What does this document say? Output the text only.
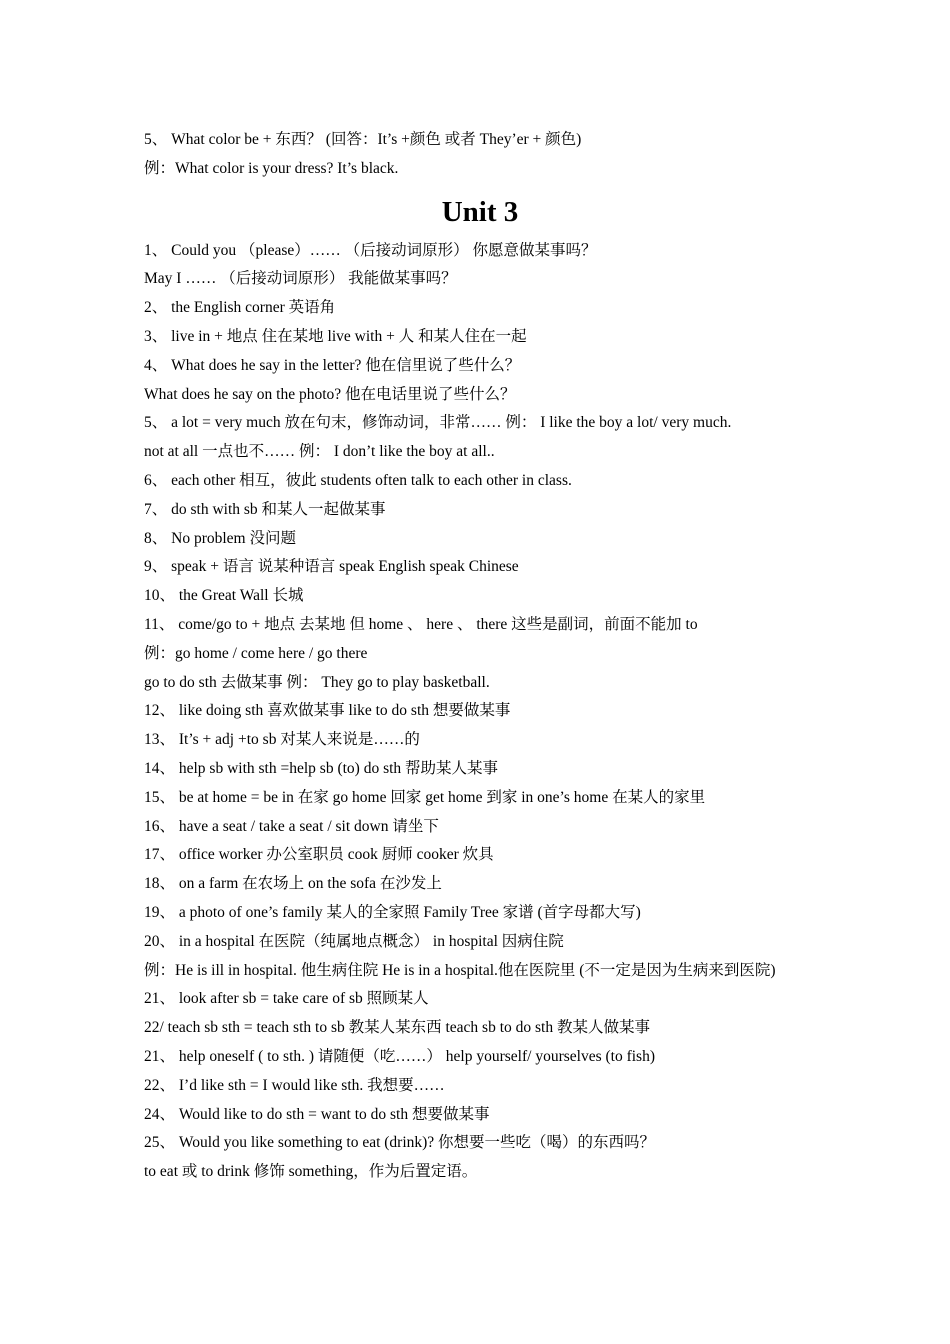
5、 What color be + 东西？ (回答：It’s +颜色 或者 They’er + 颜色)
例：What color is your dress? It’s black.
Unit 3
1、 Could you （please）…… （后接动词原形） 你愿意做某事吗？
May I …… （后接动词原形） 我能做某事吗？
2、 the English corner 英语角
3、 live in + 地点 住在某地 live with + 人 和某人住在一起
4、 What does he say in the letter? 他在信里说了些什么？
What does he say on the photo? 他在电话里说了些什么？
5、 a lot = very much 放在句末，修饰动词，非常…… 例： I like the boy a lot/ very much.
not at all 一点也不…… 例： I don’t like the boy at all..
6、 each other 相互，彼此 students often talk to each other in class.
7、 do sth with sb 和某人一起做某事
8、 No problem 没问题
9、 speak + 语言 说某种语言 speak English speak Chinese
10、 the Great Wall 长城
11、 come/go to + 地点 去某地 但 home 、 here 、 there 这些是副词，前面不能加 to
例：go home / come here / go there
go to do sth 去做某事 例： They go to play basketball.
12、 like doing sth 喜欢做某事 like to do sth 想要做某事
13、 It’s + adj +to sb 对某人来说是……的
14、 help sb with sth =help sb (to) do sth 帮助某人某事
15、 be at home = be in 在家 go home 回家 get home 到家 in one’s home 在某人的家里
16、 have a seat / take a seat / sit down 请坐下
17、 office worker 办公室职员 cook 厨师 cooker 炊具
18、 on a farm 在农场上 on the sofa 在沙发上
19、 a photo of one’s family 某人的全家照 Family Tree 家谱 (首字母都大写)
20、 in a hospital 在医院（纯属地点概念） in hospital 因病住院
例：He is ill in hospital. 他生病住院 He is in a hospital.他在医院里 (不一定是因为生病来到医院)
21、 look after sb = take care of sb 照顾某人
22/ teach sb sth = teach sth to sb 教某人某东西 teach sb to do sth 教某人做某事
21、 help oneself ( to sth. ) 请随便（吃……） help yourself/ yourselves (to fish)
22、 I’d like sth = I would like sth. 我想要……
24、 Would like to do sth = want to do sth 想要做某事
25、 Would you like something to eat (drink)? 你想要一些吃（喝）的东西吗？
to eat 或 to drink 修饰 something，作为后置定语。
